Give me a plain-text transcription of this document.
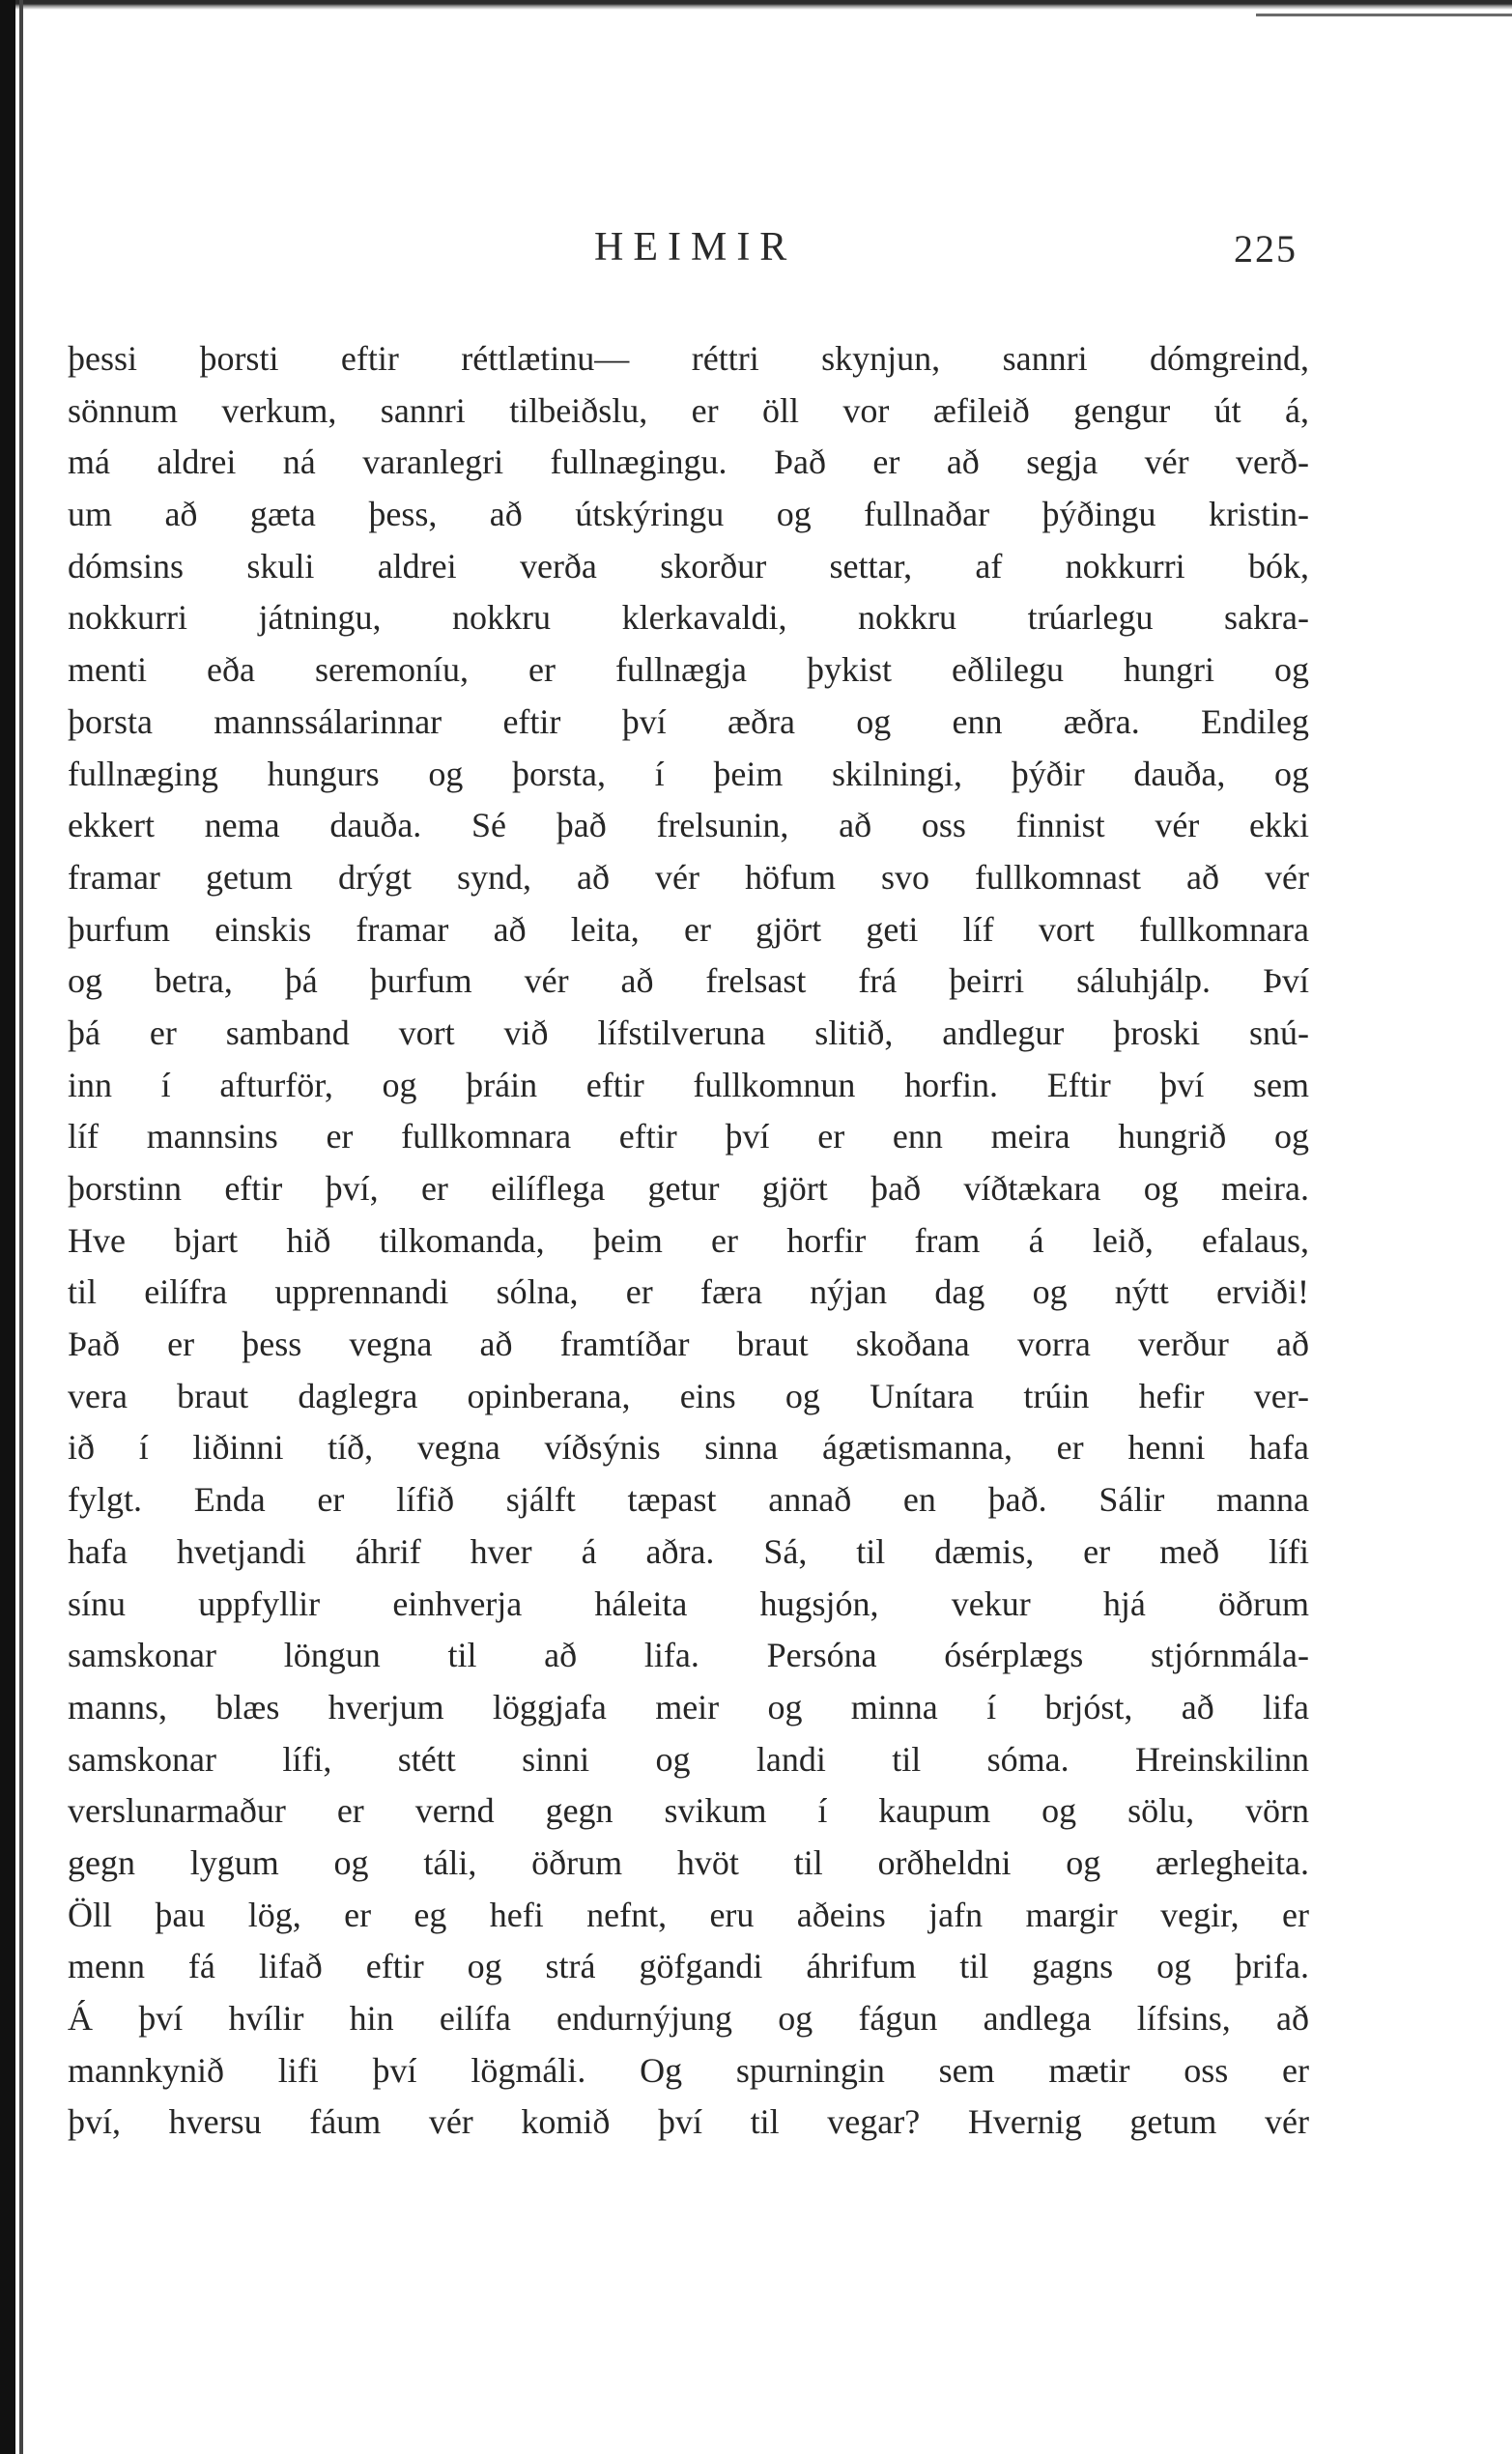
HEIMIR	225
þessi þorsti eftir réttlætinu— réttri skynjun, sannri dómgreind,
sönnum verkum, sannri tilbeiðslu, er öll vor æfileið gengur út á,
má aldrei ná varanlegri fullnægingu. Það er að segja vér verð-
um að gæta þess, að útskýringu og fullnaðar þýðingu kristin-
dómsins skuli aldrei verða skorður settar, af nokkurri bók,
nokkurri játningu, nokkru klerkavaldi, nokkru trúarlegu sakra-
menti eða seremoníu, er fullnægja þykist eðlilegu hungri og
þorsta mannssálarinnar eftir því æðra og enn æðra. Endileg
fullnæging hungurs og þorsta, í þeim skilningi, þýðir dauða, og
ekkert nema dauða. Sé það frelsunin, að oss finnist vér ekki
framar getum drýgt synd, að vér höfum svo fullkomnast að vér
þurfum einskis framar að leita, er gjört geti líf vort fullkomnara
og betra, þá þurfum vér að frelsast frá þeirri sáluhjálp. Því
þá er samband vort við lífstilveruna slitið, andlegur þroski snú-
inn í afturför, og þráin eftir fullkomnun horfin. Eftir því sem
líf mannsins er fullkomnara eftir því er enn meira hungrið og
þorstinn eftir því, er eilíflega getur gjört það víðtækara og meira.
Hve bjart hið tilkomanda, þeim er horfir fram á leið, efalaus,
til eilífra upprennandi sólna, er færa nýjan dag og nýtt erviði!
Það er þess vegna að framtíðar braut skoðana vorra verður að
vera braut daglegra opinberana, eins og Unítara trúin hefir ver-
ið í liðinni tíð, vegna víðsýnis sinna ágætismanna, er henni hafa
fylgt. Enda er lífið sjálft tæpast annað en það. Sálir manna
hafa hvetjandi áhrif hver á aðra. Sá, til dæmis, er með lífi
sínu uppfyllir einhverja háleita hugsjón, vekur hjá öðrum
samskonar löngun til að lifa. Persóna ósérplægs stjórnmála-
manns, blæs hverjum löggjafa meir og minna í brjóst, að lifa
samskonar lífi, stétt sinni og landi til sóma. Hreinskilinn
verslunarmaður er vernd gegn svikum í kaupum og sölu, vörn
gegn lygum og táli, öðrum hvöt til orðheldni og ærlegheita.
Öll þau lög, er eg hefi nefnt, eru aðeins jafn margir vegir, er
menn fá lifað eftir og strá göfgandi áhrifum til gagns og þrifa.
Á því hvílir hin eilífa endurnýjung og fágun andlega lífsins, að
mannkynið lifi því lögmáli. Og spurningin sem mætir oss er
því, hversu fáum vér komið því til vegar? Hvernig getum vér
